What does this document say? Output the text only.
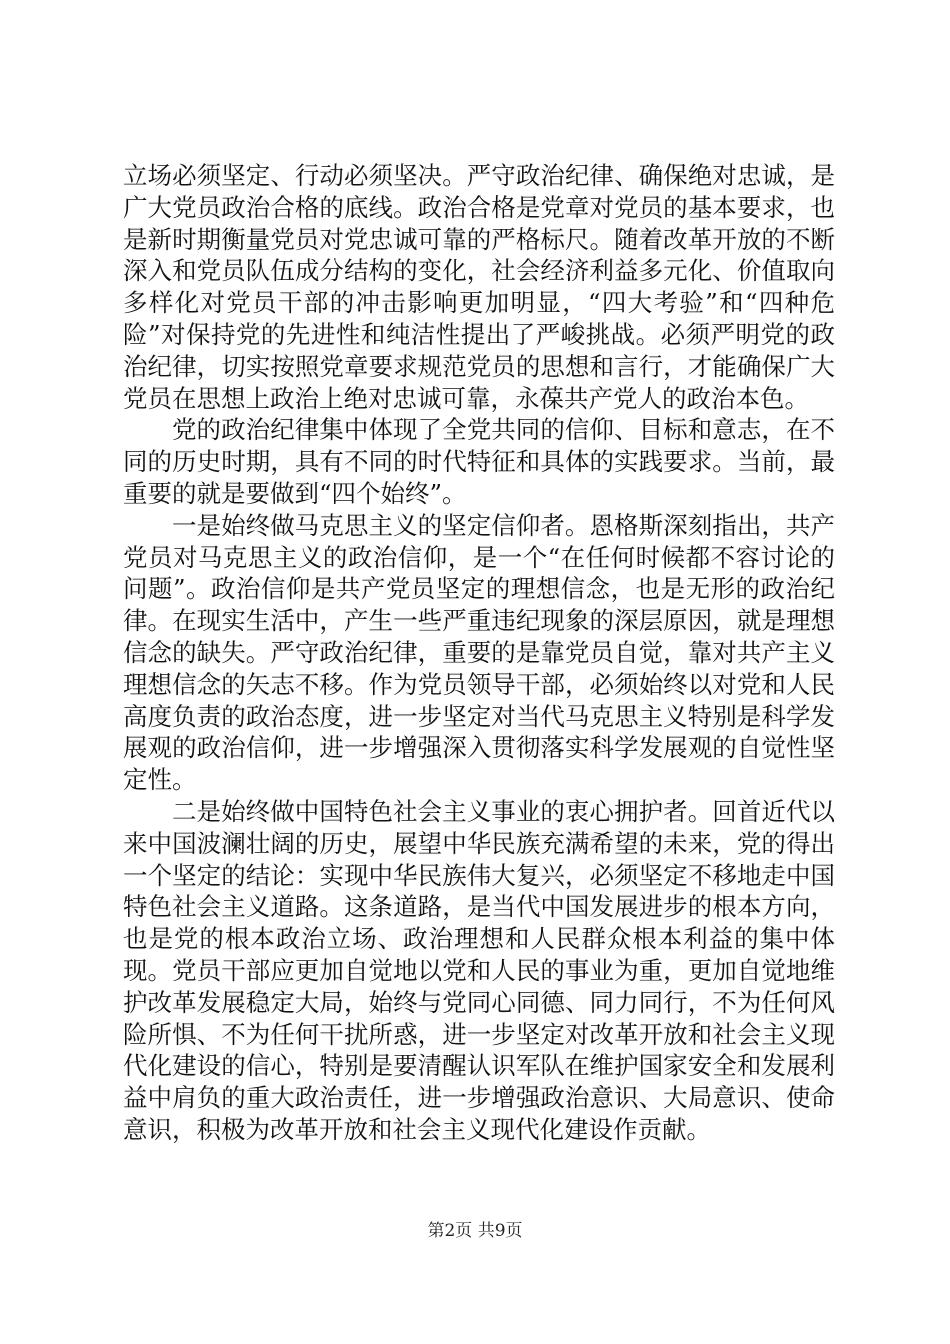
立场必须坚定、行动必须坚决。严守政治纪律、确保绝对忠诚，是广大党员政治合格的底线。政治合格是党章对党员的基本要求，也是新时期衡量党员对党忠诚可靠的严格标尺。随着改革开放的不断深入和党员队伍成分结构的变化，社会经济利益多元化、价值取向多样化对党员干部的冲击影响更加明显，“四大考验”和“四种危险”对保持党的先进性和纯洁性提出了严峻挑战。必须严明党的政治纪律，切实按照党章要求规范党员的思想和言行，才能确保广大党员在思想上政治上绝对忠诚可靠，永葆共产党人的政治本色。

党的政治纪律集中体现了全党共同的信仰、目标和意志，在不同的历史时期，具有不同的时代特征和具体的实践要求。当前，最重要的就是要做到“四个始终”。

一是始终做马克思主义的坚定信仰者。恩格斯深刻指出，共产党员对马克思主义的政治信仰，是一个“在任何时候都不容讨论的问题”。政治信仰是共产党员坚定的理想信念，也是无形的政治纪律。在现实生活中，产生一些严重违纪现象的深层原因，就是理想信念的缺失。严守政治纪律，重要的是靠党员自觉，靠对共产主义理想信念的矢志不移。作为党员领导干部，必须始终以对党和人民高度负责的政治态度，进一步坚定对当代马克思主义特别是科学发展观的政治信仰，进一步增强深入贯彻落实科学发展观的自觉性坚定性。

二是始终做中国特色社会主义事业的衷心拥护者。回首近代以来中国波澜壮阔的历史，展望中华民族充满希望的未来，党的得出一个坚定的结论：实现中华民族伟大复兴，必须坚定不移地走中国特色社会主义道路。这条道路，是当代中国发展进步的根本方向，也是党的根本政治立场、政治理想和人民群众根本利益的集中体现。党员干部应更加自觉地以党和人民的事业为重，更加自觉地维护改革发展稳定大局，始终与党同心同德、同力同行，不为任何风险所惧、不为任何干扰所惑，进一步坚定对改革开放和社会主义现代化建设的信心，特别是要清醒认识军队在维护国家安全和发展利益中肩负的重大政治责任，进一步增强政治意识、大局意识、使命意识，积极为改革开放和社会主义现代化建设作贡献。

第2页 共9页
